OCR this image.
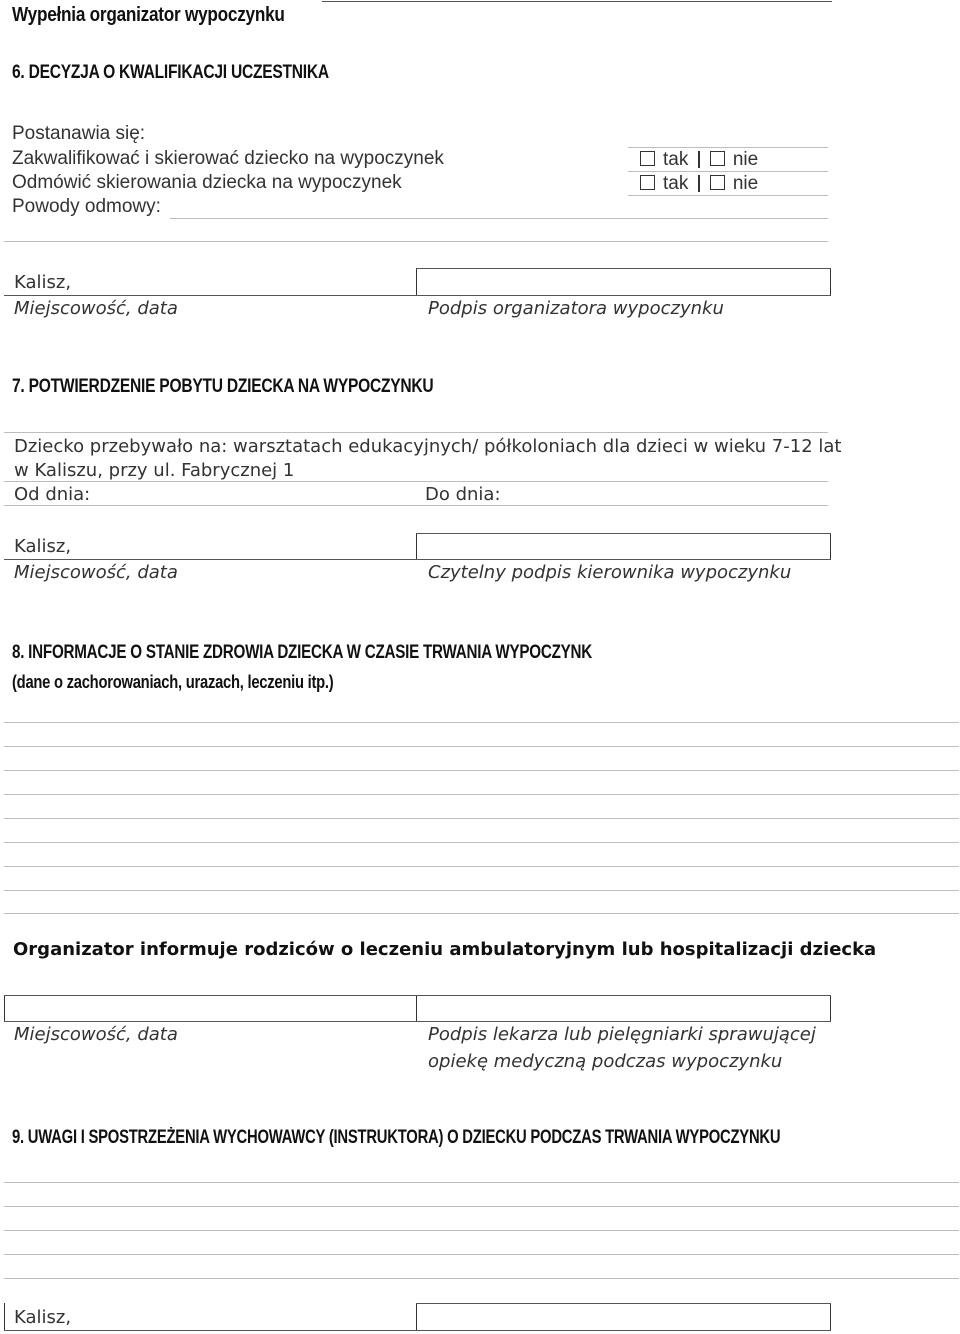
Wypełnia organizator wypoczynku
6. DECYZJA O KWALIFIKACJI UCZESTNIKA
Postanawia się:
Zakwalifikować i skierować dziecko na wypoczynek
Odmówić skierowania dziecka na wypoczynek
Powody odmowy:
tak nie
tak nie
Kalisz,
Miejscowość, data	Podpis organizatora wypoczynku
7. POTWIERDZENIE POBYTU DZIECKA NA WYPOCZYNKU
Dziecko przebywało na: warsztatach edukacyjnych/ półkoloniach dla dzieci w wieku 7-12 lat
w Kaliszu, przy ul. Fabrycznej 1
Od dnia:	Do dnia:
Kalisz,
Miejscowość, data	Czytelny podpis kierownika wypoczynku
8. INFORMACJE O STANIE ZDROWIA DZIECKA W CZASIE TRWANIA WYPOCZYNK
(dane o zachorowaniach, urazach, leczeniu itp.)
Organizator informuje rodziców o leczeniu ambulatoryjnym lub hospitalizacji dziecka
Miejscowość, data	Podpis lekarza lub pielęgniarki sprawującej
opiekę medyczną podczas wypoczynku
9. UWAGI I SPOSTRZEŻENIA WYCHOWAWCY (INSTRUKTORA) O DZIECKU PODCZAS TRWANIA WYPOCZYNKU
Kalisz,
